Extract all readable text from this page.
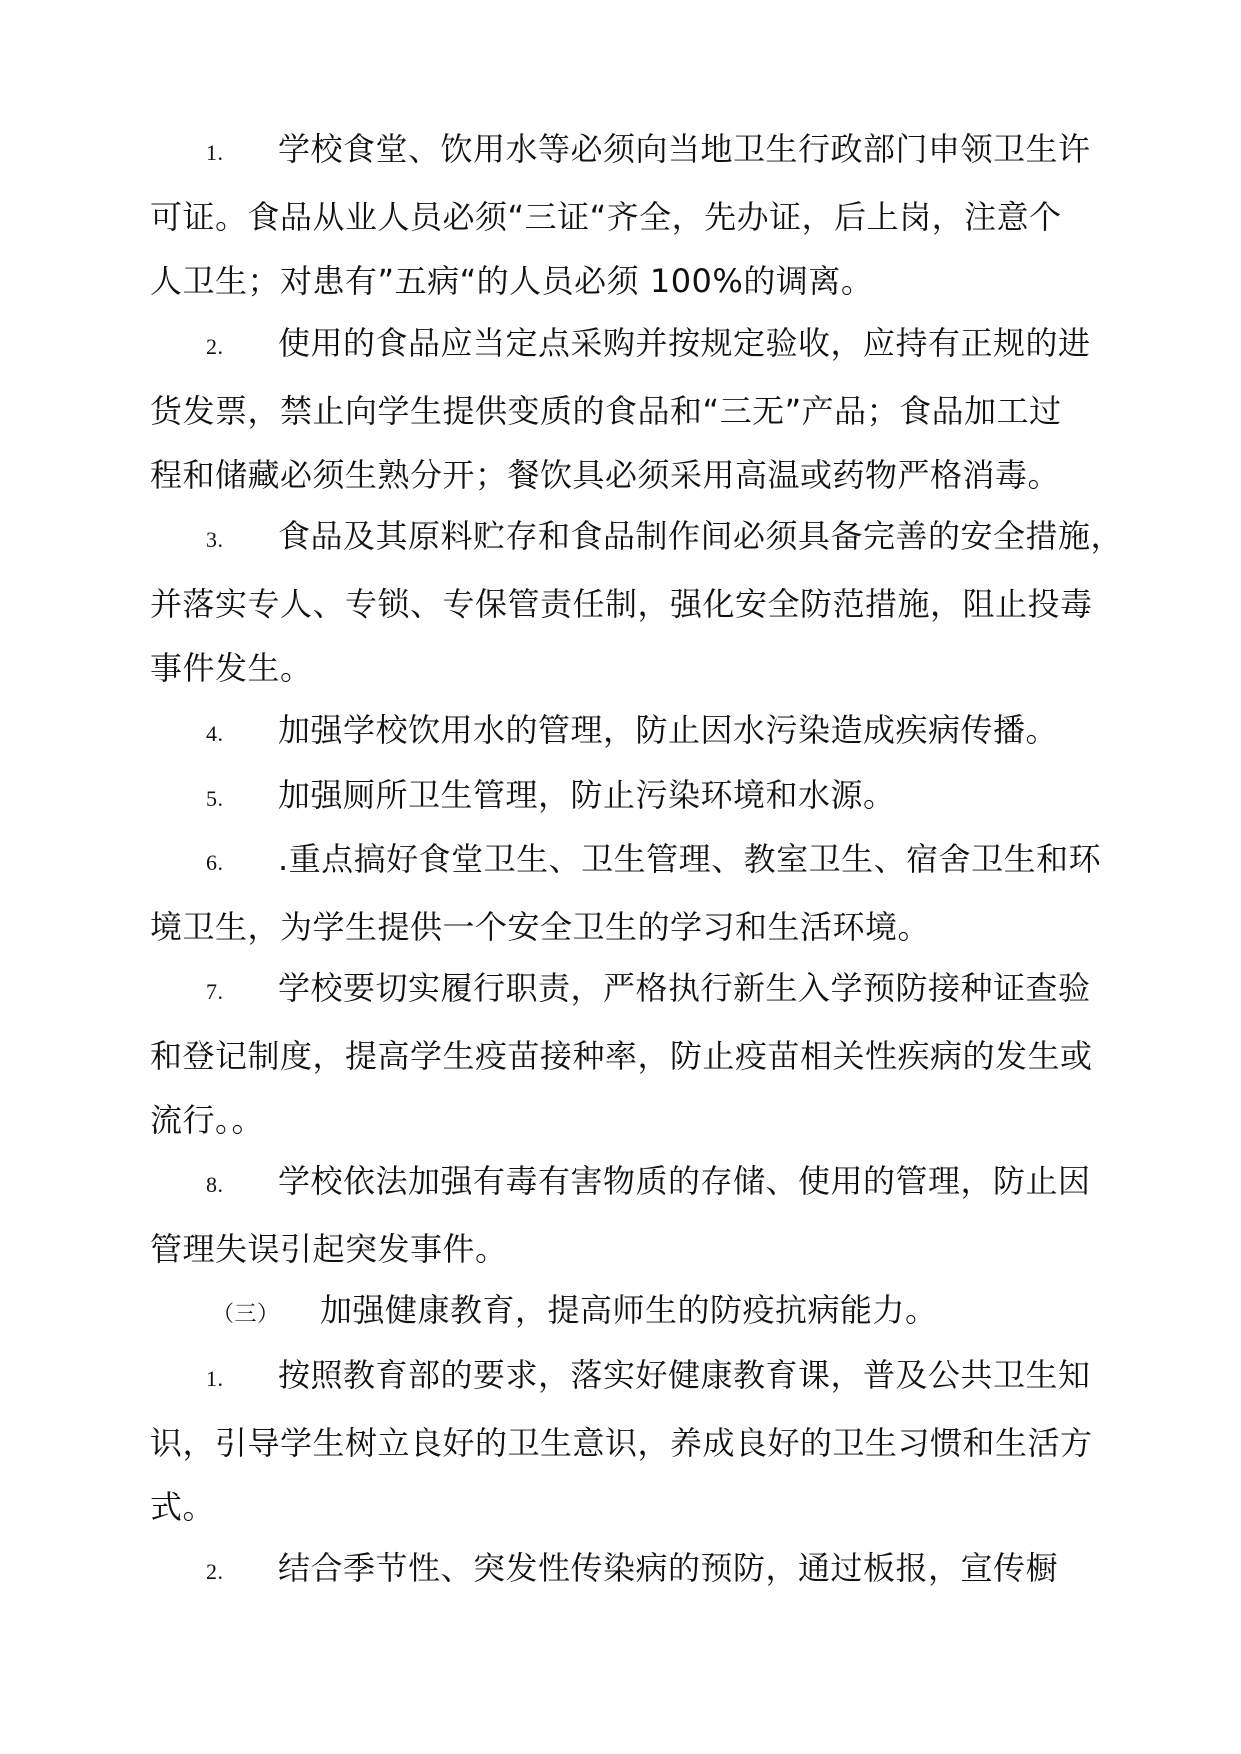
1. 学校食堂、饮用水等必须向当地卫生行政部门申领卫生许
可证。食品从业人员必须“三证“齐全，先办证，后上岗，注意个
人卫生；对患有”五病“的人员必须 100%的调离。

2. 使用的食品应当定点采购并按规定验收，应持有正规的进
货发票，禁止向学生提供变质的食品和“三无”产品；食品加工过
程和储藏必须生熟分开；餐饮具必须采用高温或药物严格消毒。

3. 食品及其原料贮存和食品制作间必须具备完善的安全措施，
并落实专人、专锁、专保管责任制，强化安全防范措施，阻止投毒
事件发生。

4. 加强学校饮用水的管理，防止因水污染造成疾病传播。

5. 加强厕所卫生管理，防止污染环境和水源。

6. .重点搞好食堂卫生、卫生管理、教室卫生、宿舍卫生和环
境卫生，为学生提供一个安全卫生的学习和生活环境。

7. 学校要切实履行职责，严格执行新生入学预防接种证查验
和登记制度，提高学生疫苗接种率，防止疫苗相关性疾病的发生或
流行。。

8. 学校依法加强有毒有害物质的存储、使用的管理，防止因
管理失误引起突发事件。

（三） 加强健康教育，提高师生的防疫抗病能力。

1. 按照教育部的要求，落实好健康教育课，普及公共卫生知
识，引导学生树立良好的卫生意识，养成良好的卫生习惯和生活方
式。

2. 结合季节性、突发性传染病的预防，通过板报，宣传橱
